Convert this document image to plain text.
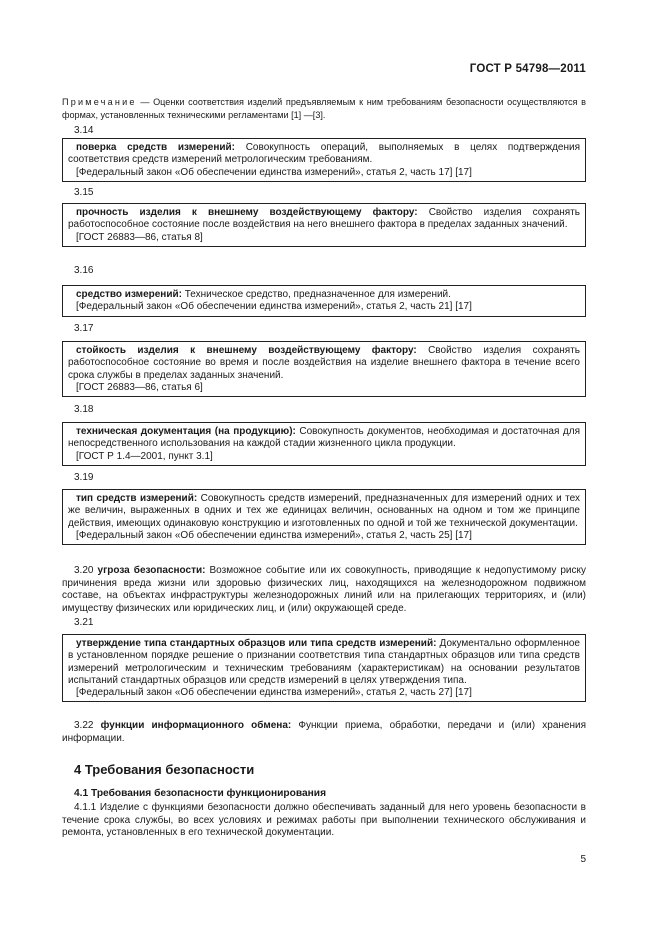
ГОСТ Р 54798—2011
Примечание — Оценки соответствия изделий предъявляемым к ним требованиям безопасности осуществляются в формах, установленных техническими регламентами [1] —[3].
3.14

поверка средств измерений: Совокупность операций, выполняемых в целях подтверждения соответствия средств измерений метрологическим требованиям.

[Федеральный закон «Об обеспечении единства измерений», статья 2, часть 17] [17]

3.15

прочность изделия к внешнему воздействующему фактору: Свойство изделия сохранять работоспособное состояние после воздействия на него внешнего фактора в пределах заданных значений.

[ГОСТ 26883—86, статья 8]

3.16

средство измерений: Техническое средство, предназначенное для измерений.

[Федеральный закон «Об обеспечении единства измерений», статья 2, часть 21] [17]

3.17

стойкость изделия к внешнему воздействующему фактору: Свойство изделия сохранять работоспособное состояние во время и после воздействия на изделие внешнего фактора в течение всего срока службы в пределах заданных значений.

[ГОСТ 26883—86, статья 6]

3.18

техническая документация (на продукцию): Совокупность документов, необходимая и достаточная для непосредственного использования на каждой стадии жизненного цикла продукции.

[ГОСТ Р 1.4—2001, пункт 3.1]

3.19

тип средств измерений: Совокупность средств измерений, предназначенных для измерений одних и тех же величин, выраженных в одних и тех же единицах величин, основанных на одном и том же принципе действия, имеющих одинаковую конструкцию и изготовленных по одной и той же технической документации.

[Федеральный закон «Об обеспечении единства измерений», статья 2, часть 25] [17]

3.20 угроза безопасности: Возможное событие или их совокупность, приводящие к недопустимому риску причинения вреда жизни или здоровью физических лиц, находящихся на железнодорожном подвижном составе, на объектах инфраструктуры железнодорожных линий или на прилегающих территориях, и (или) имуществу физических или юридических лиц, и (или) окружающей среде.
3.21

утверждение типа стандартных образцов или типа средств измерений: Документально оформленное в установленном порядке решение о признании соответствия типа стандартных образцов или типа средств измерений метрологическим и техническим требованиям (характеристикам) на основании результатов испытаний стандартных образцов или средств измерений в целях утверждения типа.

[Федеральный закон «Об обеспечении единства измерений», статья 2, часть 27] [17]

3.22 функции информационного обмена: Функции приема, обработки, передачи и (или) хранения информации.
4 Требования безопасности
4.1 Требования безопасности функционирования
4.1.1 Изделие с функциями безопасности должно обеспечивать заданный для него уровень безопасности в течение срока службы, во всех условиях и режимах работы при выполнении технического обслуживания и ремонта, установленных в его технической документации.
5
